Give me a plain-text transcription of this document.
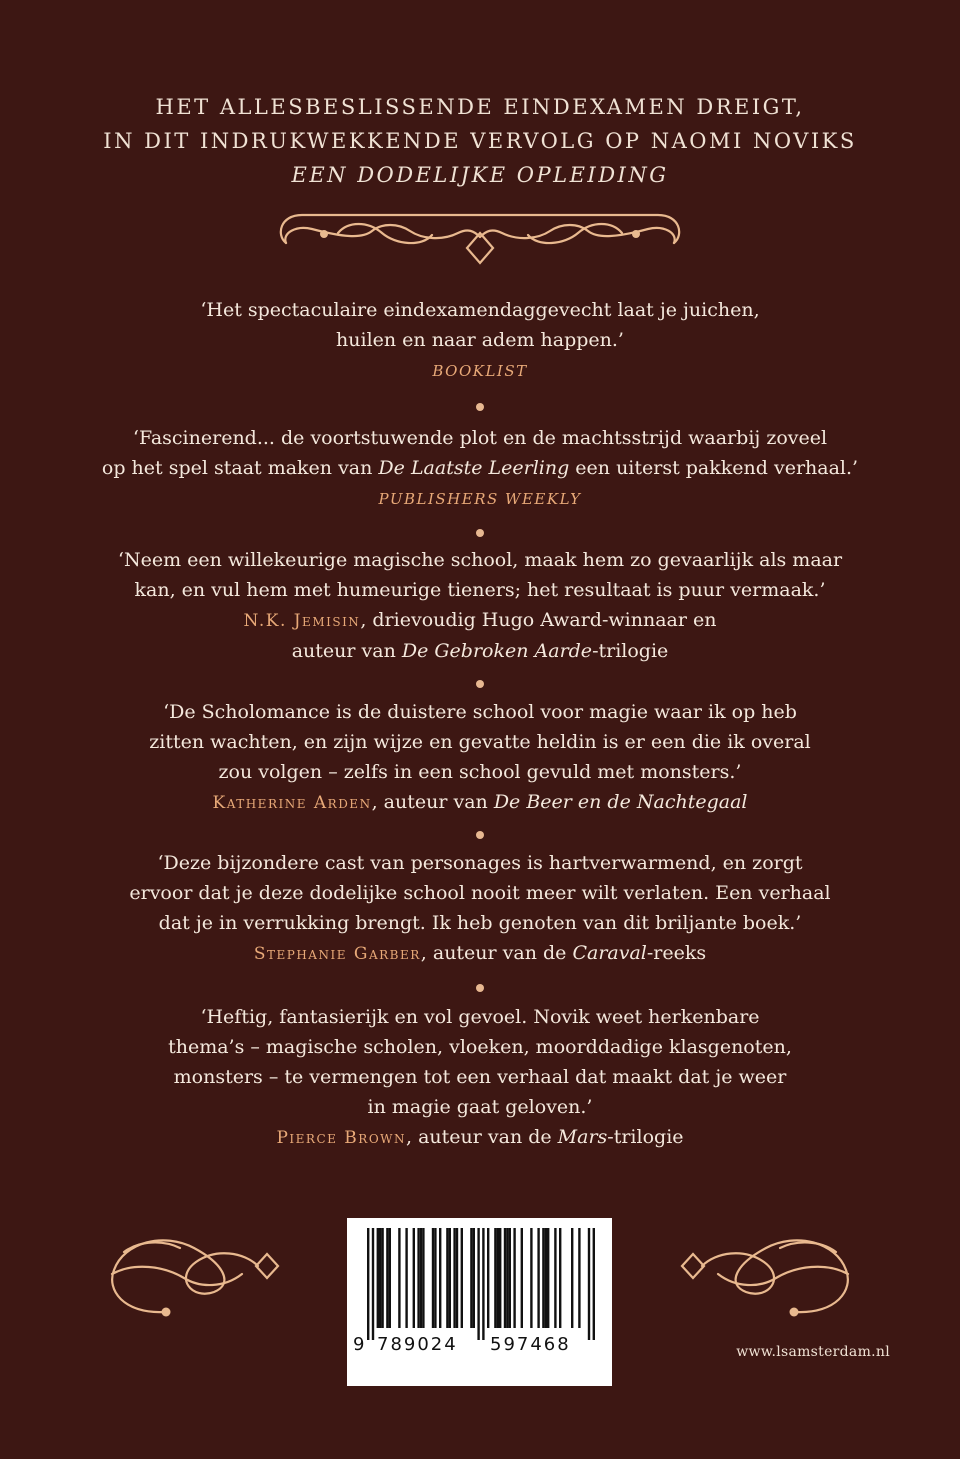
HET ALLESBESLISSENDE EINDEXAMEN DREIGT,
IN DIT INDRUKWEKKENDE VERVOLG OP NAOMI NOVIKS
EEN DODELIJKE OPLEIDING
‘Het spectaculaire eindexamendaggevecht laat je juichen,
huilen en naar adem happen.’
BOOKLIST
‘Fascinerend... de voortstuwende plot en de machtsstrijd waarbij zoveel
op het spel staat maken van De Laatste Leerling een uiterst pakkend verhaal.’
PUBLISHERS WEEKLY
‘Neem een willekeurige magische school, maak hem zo gevaarlijk als maar
kan, en vul hem met humeurige tieners; het resultaat is puur vermaak.’
N.K. Jemisin, drievoudig Hugo Award-winnaar en
auteur van De Gebroken Aarde-trilogie
‘De Scholomance is de duistere school voor magie waar ik op heb
zitten wachten, en zijn wijze en gevatte heldin is er een die ik overal
zou volgen – zelfs in een school gevuld met monsters.’
Katherine Arden, auteur van De Beer en de Nachtegaal
‘Deze bijzondere cast van personages is hartverwarmend, en zorgt
ervoor dat je deze dodelijke school nooit meer wilt verlaten. Een verhaal
dat je in verrukking brengt. Ik heb genoten van dit briljante boek.’
Stephanie Garber, auteur van de Caraval-reeks
‘Heftig, fantasierijk en vol gevoel. Novik weet herkenbare
thema’s – magische scholen, vloeken, moorddadige klasgenoten,
monsters – te vermengen tot een verhaal dat maakt dat je weer
in magie gaat geloven.’
Pierce Brown, auteur van de Mars-trilogie
9 789024 597468	www.lsamsterdam.nl
